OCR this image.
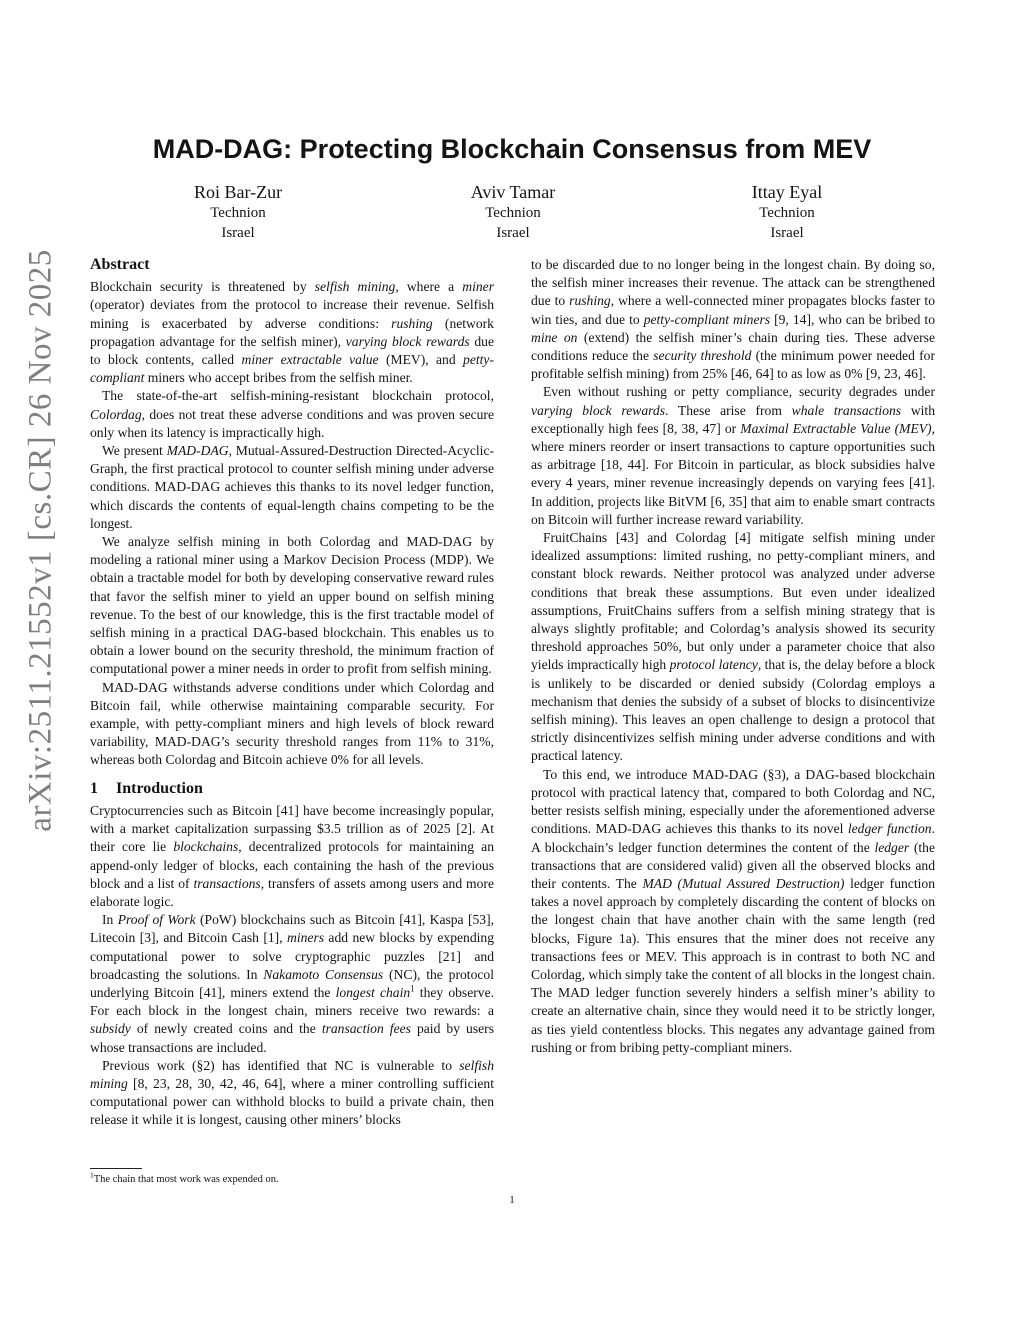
arXiv:2511.21552v1 [cs.CR] 26 Nov 2025
MAD-DAG: Protecting Blockchain Consensus from MEV
Roi Bar-Zur
Technion
Israel
Aviv Tamar
Technion
Israel
Ittay Eyal
Technion
Israel
Abstract

Blockchain security is threatened by selfish mining, where a miner (operator) deviates from the protocol to increase their revenue. Selfish mining is exacerbated by adverse conditions: rushing (network propagation advantage for the selfish miner), varying block rewards due to block contents, called miner extractable value (MEV), and petty-compliant miners who accept bribes from the selfish miner.

The state-of-the-art selfish-mining-resistant blockchain protocol, Colordag, does not treat these adverse conditions and was proven secure only when its latency is impractically high.

We present MAD-DAG, Mutual-Assured-Destruction Directed-Acyclic-Graph, the first practical protocol to counter selfish mining under adverse conditions. MAD-DAG achieves this thanks to its novel ledger function, which discards the contents of equal-length chains competing to be the longest.

We analyze selfish mining in both Colordag and MAD-DAG by modeling a rational miner using a Markov Decision Process (MDP). We obtain a tractable model for both by developing conservative reward rules that favor the selfish miner to yield an upper bound on selfish mining revenue. To the best of our knowledge, this is the first tractable model of selfish mining in a practical DAG-based blockchain. This enables us to obtain a lower bound on the security threshold, the minimum fraction of computational power a miner needs in order to profit from selfish mining.

MAD-DAG withstands adverse conditions under which Colordag and Bitcoin fail, while otherwise maintaining comparable security. For example, with petty-compliant miners and high levels of block reward variability, MAD-DAG’s security threshold ranges from 11% to 31%, whereas both Colordag and Bitcoin achieve 0% for all levels.

1 Introduction

Cryptocurrencies such as Bitcoin [41] have become increasingly popular, with a market capitalization surpassing $3.5 trillion as of 2025 [2]. At their core lie blockchains, decentralized protocols for maintaining an append-only ledger of blocks, each containing the hash of the previous block and a list of transactions, transfers of assets among users and more elaborate logic.

In Proof of Work (PoW) blockchains such as Bitcoin [41], Kaspa [53], Litecoin [3], and Bitcoin Cash [1], miners add new blocks by expending computational power to solve cryptographic puzzles [21] and broadcasting the solutions. In Nakamoto Consensus (NC), the protocol underlying Bitcoin [41], miners extend the longest chain$^1$ they observe. For each block in the longest chain, miners receive two rewards: a subsidy of newly created coins and the transaction fees paid by users whose transactions are included.

Previous work (§2) has identified that NC is vulnerable to selfish mining [8, 23, 28, 30, 42, 46, 64], where a miner controlling sufficient computational power can withhold blocks to build a private chain, then release it while it is longest, causing other miners’ blocks

to be discarded due to no longer being in the longest chain. By doing so, the selfish miner increases their revenue. The attack can be strengthened due to rushing, where a well-connected miner propagates blocks faster to win ties, and due to petty-compliant miners [9, 14], who can be bribed to mine on (extend) the selfish miner’s chain during ties. These adverse conditions reduce the security threshold (the minimum power needed for profitable selfish mining) from 25% [46, 64] to as low as 0% [9, 23, 46].

Even without rushing or petty compliance, security degrades under varying block rewards. These arise from whale transactions with exceptionally high fees [8, 38, 47] or Maximal Extractable Value (MEV), where miners reorder or insert transactions to capture opportunities such as arbitrage [18, 44]. For Bitcoin in particular, as block subsidies halve every 4 years, miner revenue increasingly depends on varying fees [41]. In addition, projects like BitVM [6, 35] that aim to enable smart contracts on Bitcoin will further increase reward variability.

FruitChains [43] and Colordag [4] mitigate selfish mining under idealized assumptions: limited rushing, no petty-compliant miners, and constant block rewards. Neither protocol was analyzed under adverse conditions that break these assumptions. But even under idealized assumptions, FruitChains suffers from a selfish mining strategy that is always slightly profitable; and Colordag’s analysis showed its security threshold approaches 50%, but only under a parameter choice that also yields impractically high protocol latency, that is, the delay before a block is unlikely to be discarded or denied subsidy (Colordag employs a mechanism that denies the subsidy of a subset of blocks to disincentivize selfish mining). This leaves an open challenge to design a protocol that strictly disincentivizes selfish mining under adverse conditions and with practical latency.

To this end, we introduce MAD-DAG (§3), a DAG-based blockchain protocol with practical latency that, compared to both Colordag and NC, better resists selfish mining, especially under the aforementioned adverse conditions. MAD-DAG achieves this thanks to its novel ledger function. A blockchain’s ledger function determines the content of the ledger (the transactions that are considered valid) given all the observed blocks and their contents. The MAD (Mutual Assured Destruction) ledger function takes a novel approach by completely discarding the content of blocks on the longest chain that have another chain with the same length (red blocks, Figure 1a). This ensures that the miner does not receive any transactions fees or MEV. This approach is in contrast to both NC and Colordag, which simply take the content of all blocks in the longest chain. The MAD ledger function severely hinders a selfish miner’s ability to create an alternative chain, since they would need it to be strictly longer, as ties yield contentless blocks. This negates any advantage gained from rushing or from bribing petty-compliant miners.

$^1$The chain that most work was expended on.
1
